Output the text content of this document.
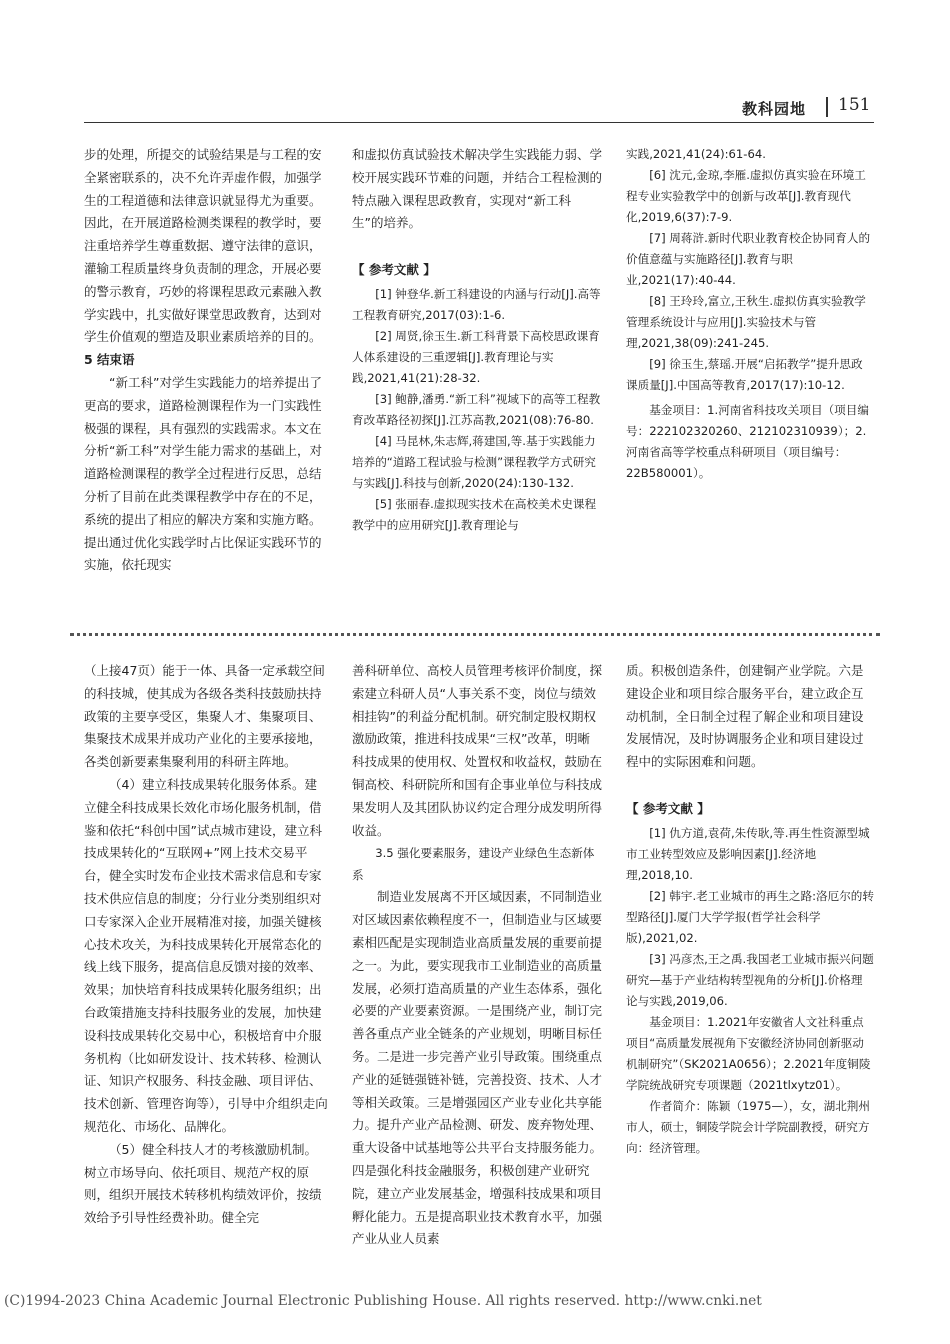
教科园地 151

步的处理，所提交的试验结果是与工程的安全紧密联系的，决不允许弄虚作假，加强学生的工程道德和法律意识就显得尤为重要。因此，在开展道路检测类课程的教学时，要注重培养学生尊重数据、遵守法律的意识，灌输工程质量终身负责制的理念，开展必要的警示教育，巧妙的将课程思政元素融入教学实践中，扎实做好课堂思政教育，达到对学生价值观的塑造及职业素质培养的目的。

5 结束语

“新工科”对学生实践能力的培养提出了更高的要求，道路检测课程作为一门实践性极强的课程，具有强烈的实践需求。本文在分析“新工科”对学生能力需求的基础上，对道路检测课程的教学全过程进行反思，总结分析了目前在此类课程教学中存在的不足，系统的提出了相应的解决方案和实施方略。提出通过优化实践学时占比保证实践环节的实施，依托现实

和虚拟仿真试验技术解决学生实践能力弱、学校开展实践环节难的问题，并结合工程检测的特点融入课程思政教育，实现对“新工科生”的培养。

【 参考文献 】

[1] 钟登华.新工科建设的内涵与行动[J].高等工程教育研究,2017(03):1-6.

[2] 周贤,徐玉生.新工科背景下高校思政课育人体系建设的三重逻辑[J].教育理论与实践,2021,41(21):28-32.

[3] 鲍静,潘勇.“新工科”视域下的高等工程教育改革路径初探[J].江苏高教,2021(08):76-80.

[4] 马昆林,朱志辉,蒋建国,等.基于实践能力培养的“道路工程试验与检测”课程教学方式研究与实践[J].科技与创新,2020(24):130-132.

[5] 张丽春.虚拟现实技术在高校美术史课程教学中的应用研究[J].教育理论与

实践,2021,41(24):61-64.

[6] 沈元,金琼,李雁.虚拟仿真实验在环境工程专业实验教学中的创新与改革[J].教育现代化,2019,6(37):7-9.

[7] 周蒋浒.新时代职业教育校企协同育人的价值意蕴与实施路径[J].教育与职业,2021(17):40-44.

[8] 王玲玲,富立,王秋生.虚拟仿真实验教学管理系统设计与应用[J].实验技术与管理,2021,38(09):241-245.

[9] 徐玉生,蔡瑶.开展“启拓教学”提升思政课质量[J].中国高等教育,2017(17):10-12.

基金项目：1.河南省科技攻关项目（项目编号：222102320260、212102310939）；2.河南省高等学校重点科研项目（项目编号：22B580001）。

（上接47页）能于一体、具备一定承载空间的科技城，使其成为各级各类科技鼓励扶持政策的主要享受区，集聚人才、集聚项目、集聚技术成果并成功产业化的主要承接地，各类创新要素集聚利用的科研主阵地。

（4）建立科技成果转化服务体系。建立健全科技成果长效化市场化服务机制，借鉴和依托“科创中国”试点城市建设，建立科技成果转化的“互联网+”网上技术交易平台，健全实时发布企业技术需求信息和专家技术供应信息的制度；分行业分类别组织对口专家深入企业开展精准对接，加强关键核心技术攻关，为科技成果转化开展常态化的线上线下服务，提高信息反馈对接的效率、效果；加快培育科技成果转化服务组织；出台政策措施支持科技服务业的发展，加快建设科技成果转化交易中心，积极培育中介服务机构（比如研发设计、技术转移、检测认证、知识产权服务、科技金融、项目评估、技术创新、管理咨询等），引导中介组织走向规范化、市场化、品牌化。

（5）健全科技人才的考核激励机制。树立市场导向、依托项目、规范产权的原则，组织开展技术转移机构绩效评价，按绩效给予引导性经费补助。健全完

善科研单位、高校人员管理考核评价制度，探索建立科研人员“人事关系不变，岗位与绩效相挂钩”的利益分配机制。研究制定股权期权激励政策，推进科技成果“三权”改革，明晰科技成果的使用权、处置权和收益权，鼓励在铜高校、科研院所和国有企事业单位与科技成果发明人及其团队协议约定合理分成发明所得收益。

3.5 强化要素服务，建设产业绿色生态新体系

制造业发展离不开区域因素，不同制造业对区域因素依赖程度不一，但制造业与区域要素相匹配是实现制造业高质量发展的重要前提之一。为此，要实现我市工业制造业的高质量发展，必须打造高质量的产业生态体系，强化必要的产业要素资源。一是围绕产业，制订完善各重点产业全链条的产业规划，明晰目标任务。二是进一步完善产业引导政策。围绕重点产业的延链强链补链，完善投资、技术、人才等相关政策。三是增强园区产业专业化共享能力。提升产业产品检测、研发、废弃物处理、重大设备中试基地等公共平台支持服务能力。四是强化科技金融服务，积极创建产业研究院，建立产业发展基金，增强科技成果和项目孵化能力。五是提高职业技术教育水平，加强产业从业人员素

质。积极创造条件，创建铜产业学院。六是建设企业和项目综合服务平台，建立政企互动机制，全日制全过程了解企业和项目建设发展情况，及时协调服务企业和项目建设过程中的实际困难和问题。

【 参考文献 】

[1] 仇方道,袁荷,朱传耿,等.再生性资源型城市工业转型效应及影响因素[J].经济地理,2018,10.

[2] 韩宇.老工业城市的再生之路:洛厄尔的转型路径[J].厦门大学学报(哲学社会科学版),2021,02.

[3] 冯彦杰,王之禹.我国老工业城市振兴问题研究—基于产业结构转型视角的分析[J].价格理论与实践,2019,06.

基金项目：1.2021年安徽省人文社科重点项目“高质量发展视角下安徽经济协同创新驱动机制研究”（SK2021A0656）；2.2021年度铜陵学院统战研究专项课题（2021tlxytz01）。

作者简介：陈颖（1975—），女，湖北荆州市人，硕士，铜陵学院会计学院副教授，研究方向：经济管理。

(C)1994-2023 China Academic Journal Electronic Publishing House. All rights reserved. http://www.cnki.net
